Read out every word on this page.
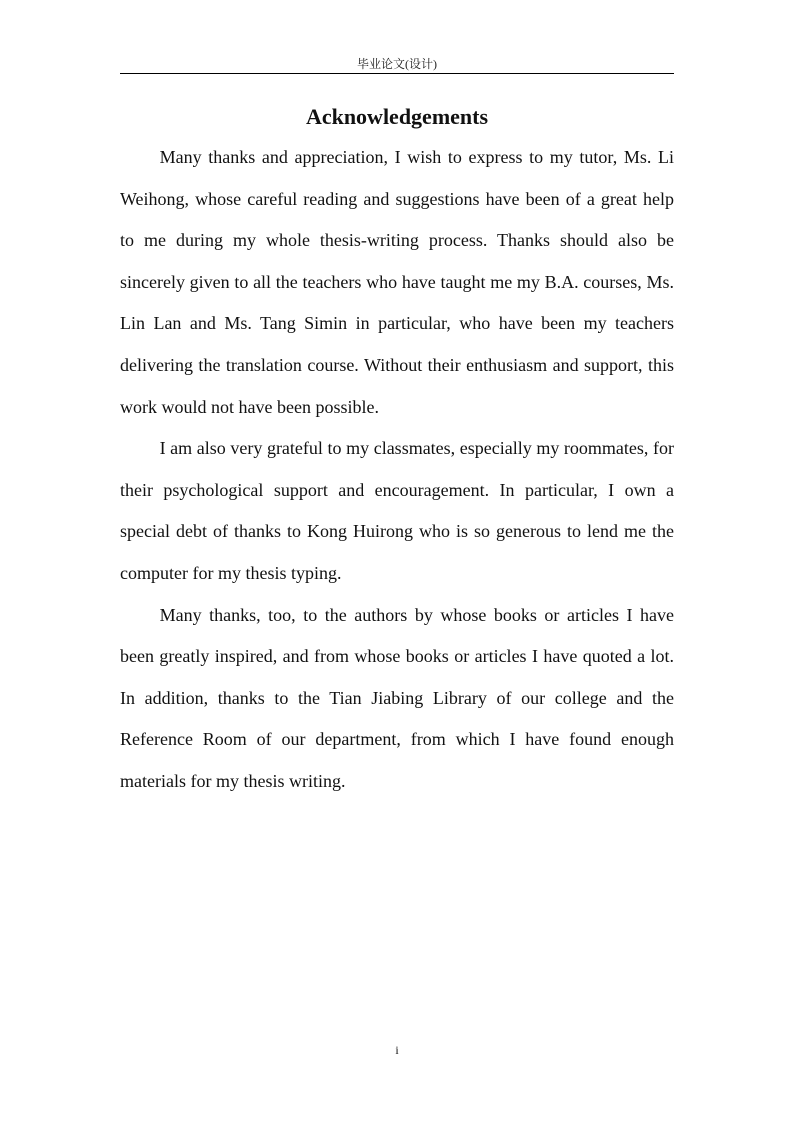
毕业论文(设计)
Acknowledgements

Many thanks and appreciation, I wish to express to my tutor, Ms. Li Weihong, whose careful reading and suggestions have been of a great help to me during my whole thesis-writing process. Thanks should also be sincerely given to all the teachers who have taught me my B.A. courses, Ms. Lin Lan and Ms. Tang Simin in particular, who have been my teachers delivering the translation course. Without their enthusiasm and support, this work would not have been possible.

I am also very grateful to my classmates, especially my roommates, for their psychological support and encouragement. In particular, I own a special debt of thanks to Kong Huirong who is so generous to lend me the computer for my thesis typing.

Many thanks, too, to the authors by whose books or articles I have been greatly inspired, and from whose books or articles I have quoted a lot. In addition, thanks to the Tian Jiabing Library of our college and the Reference Room of our department, from which I have found enough materials for my thesis writing.

i
